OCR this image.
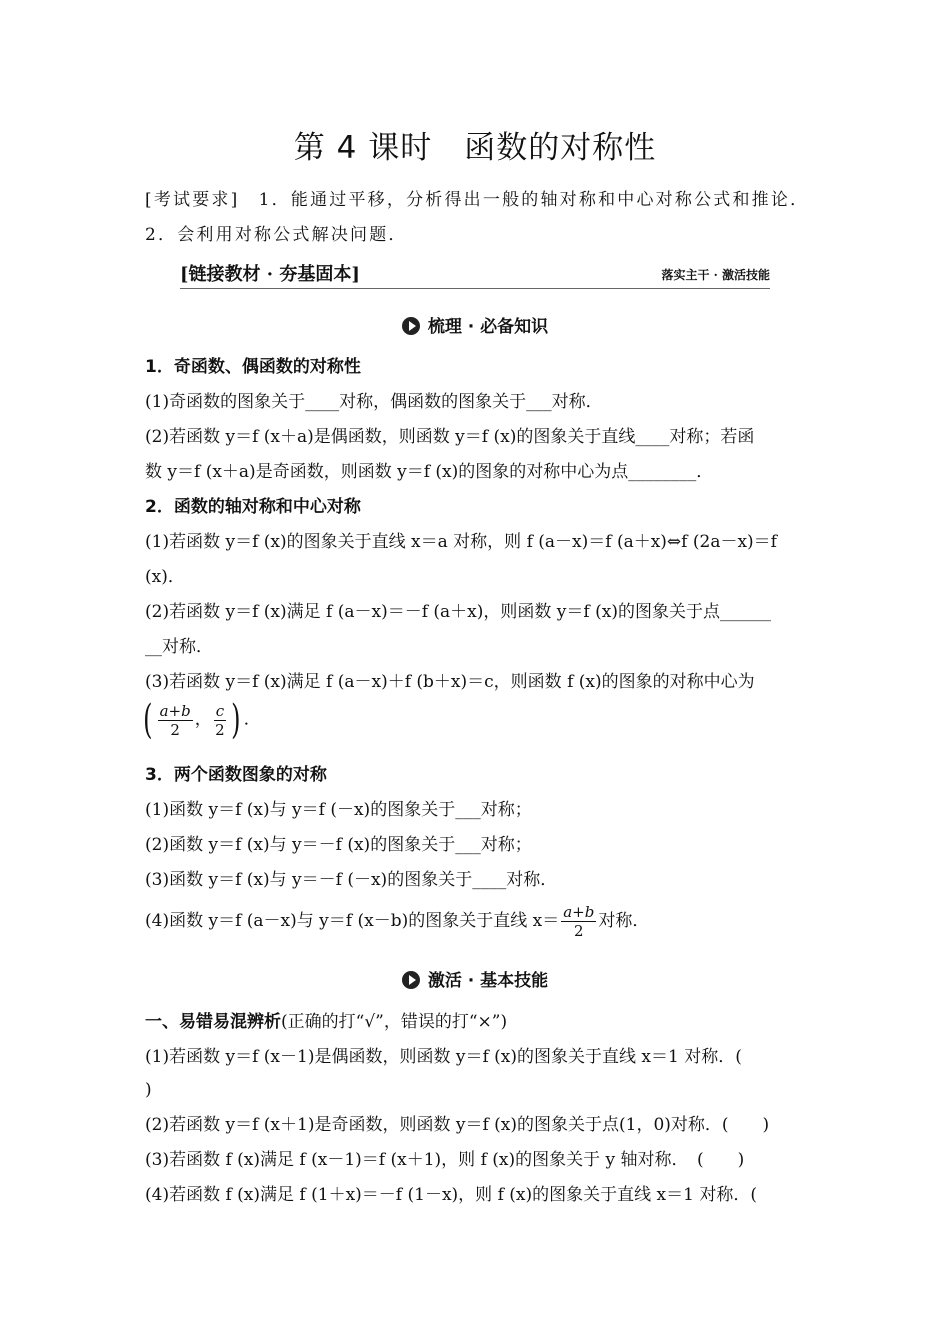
第 4 课时　函数的对称性
[考试要求]　1．能通过平移，分析得出一般的轴对称和中心对称公式和推论．
2．会利用对称公式解决问题．
[链接教材 · 夯基固本]	落实主干 · 激活技能
梳理 · 必备知识
1．奇函数、偶函数的对称性
(1)奇函数的图象关于____对称，偶函数的图象关于___对称．
(2)若函数 y＝f (x＋a)是偶函数，则函数 y＝f (x)的图象关于直线____对称；若函
数 y＝f (x＋a)是奇函数，则函数 y＝f (x)的图象的对称中心为点________．
2．函数的轴对称和中心对称
(1)若函数 y＝f (x)的图象关于直线 x＝a 对称，则 f (a－x)＝f (a＋x)⇔f (2a－x)＝f
(x)．
(2)若函数 y＝f (x)满足 f (a－x)＝－f (a＋x)，则函数 y＝f (x)的图象关于点______
__对称．
(3)若函数 y＝f (x)满足 f (a－x)＋f (b＋x)＝c，则函数 f (x)的图象的对称中心为
( $\frac{a+b}{2}$ ， $\frac{c}{2}$ ) ．
3．两个函数图象的对称
(1)函数 y＝f (x)与 y＝f (－x)的图象关于___对称；
(2)函数 y＝f (x)与 y＝－f (x)的图象关于___对称；
(3)函数 y＝f (x)与 y＝－f (－x)的图象关于____对称．
(4)函数 y＝f (a－x)与 y＝f (x－b)的图象关于直线 $x= \frac{a+b}{2}$ 对称．
激活 · 基本技能
一、易错易混辨析(正确的打“√”，错误的打“×”)
(1)若函数 y＝f (x－1)是偶函数，则函数 y＝f (x)的图象关于直线 x＝1 对称．(
)
(2)若函数 y＝f (x＋1)是奇函数，则函数 y＝f (x)的图象关于点(1，0)对称．(　　)
(3)若函数 f (x)满足 f (x－1)＝f (x＋1)，则 f (x)的图象关于 y 轴对称．　(　　)
(4)若函数 f (x)满足 f (1＋x)＝－f (1－x)，则 f (x)的图象关于直线 x＝1 对称．(
